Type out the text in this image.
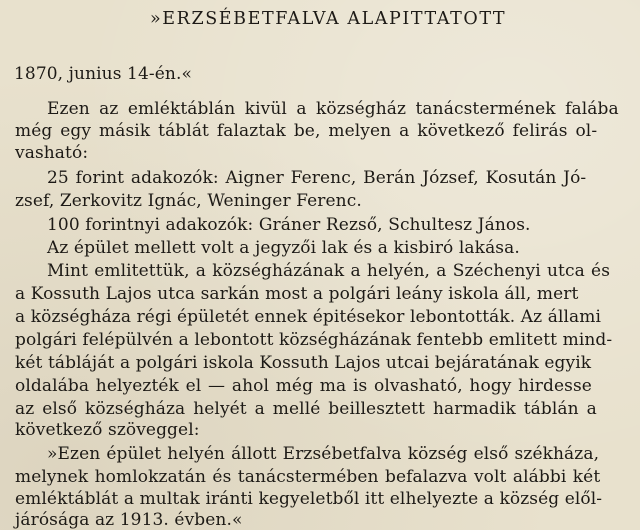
»ERZSÉBETFALVA ALAPITTATOTT
1870, junius 14-én.«
Ezen az emléktáblán kivül a községház tanácstermének falába
még egy másik táblát falaztak be, melyen a következő felirás ol-
vasható:
25 forint adakozók: Aigner Ferenc, Berán József, Kosután Jó-
zsef, Zerkovitz Ignác, Weninger Ferenc.
100 forintnyi adakozók: Gráner Rezső, Schultesz János.
Az épület mellett volt a jegyzői lak és a kisbiró lakása.
Mint emlitettük, a községházának a helyén, a Széchenyi utca és
a Kossuth Lajos utca sarkán most a polgári leány iskola áll, mert
a községháza régi épületét ennek épitésekor lebontották. Az állami
polgári felépülvén a lebontott községházának fentebb emlitett mind-
két tábláját a polgári iskola Kossuth Lajos utcai bejáratának egyik
oldalába helyezték el — ahol még ma is olvasható, hogy hirdesse
az első községháza helyét a mellé beillesztett harmadik táblán a
következő szöveggel:
»Ezen épület helyén állott Erzsébetfalva község első székháza,
melynek homlokzatán és tanácstermében befalazva volt alábbi két
emléktáblát a multak iránti kegyeletből itt elhelyezte a község elől-
járósága az 1913. évben.«
